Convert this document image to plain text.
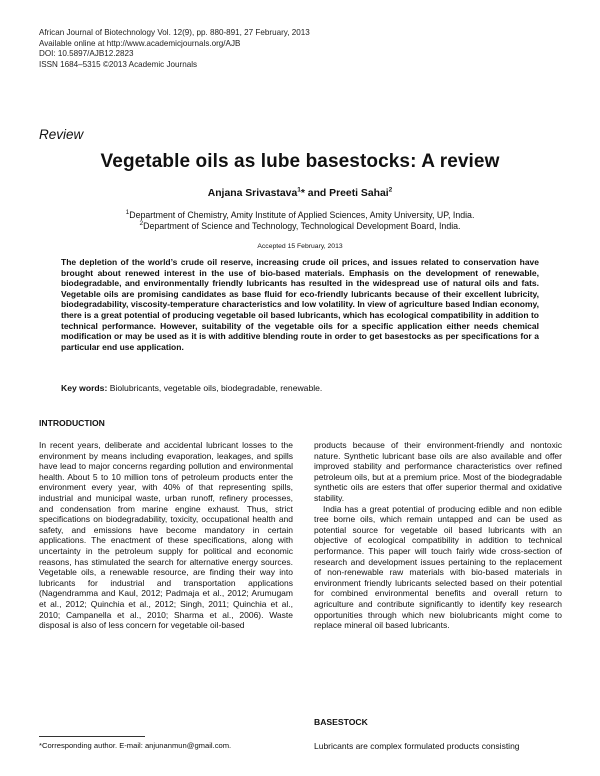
African Journal of Biotechnology Vol. 12(9), pp. 880-891, 27 February, 2013
Available online at http://www.academicjournals.org/AJB
DOI: 10.5897/AJB12.2823
ISSN 1684–5315 ©2013 Academic Journals
Review
Vegetable oils as lube basestocks: A review
Anjana Srivastava$^1$* and Preeti Sahai$^2$
$^1$Department of Chemistry, Amity Institute of Applied Sciences, Amity University, UP, India.
$^2$Department of Science and Technology, Technological Development Board, India.
Accepted 15 February, 2013
The depletion of the world’s crude oil reserve, increasing crude oil prices, and issues related to conservation have brought about renewed interest in the use of bio-based materials. Emphasis on the development of renewable, biodegradable, and environmentally friendly lubricants has resulted in the widespread use of natural oils and fats. Vegetable oils are promising candidates as base fluid for eco-friendly lubricants because of their excellent lubricity, biodegradability, viscosity-temperature characteristics and low volatility. In view of agriculture based Indian economy, there is a great potential of producing vegetable oil based lubricants, which has ecological compatibility in addition to technical performance. However, suitability of the vegetable oils for a specific application either needs chemical modification or may be used as it is with additive blending route in order to get basestocks as per specifications for a particular end use application.
Key words: Biolubricants, vegetable oils, biodegradable, renewable.
INTRODUCTION

In recent years, deliberate and accidental lubricant losses to the environment by means including evaporation, leakages, and spills have lead to major concerns regarding pollution and environmental health. About 5 to 10 million tons of petroleum products enter the environment every year, with 40% of that representing spills, industrial and municipal waste, urban runoff, refinery processes, and condensation from marine engine exhaust. Thus, strict specifications on biodegradability, toxicity, occupational health and safety, and emissions have become mandatory in certain applications. The enactment of these specifications, along with uncertainty in the petroleum supply for political and economic reasons, has stimulated the search for alternative energy sources. Vegetable oils, a renewable resource, are finding their way into lubricants for industrial and transportation applications (Nagendramma and Kaul, 2012; Padmaja et al., 2012; Arumugam et al., 2012; Quinchia et al., 2012; Singh, 2011; Quinchia et al., 2010; Campanella et al., 2010; Sharma et al., 2006). Waste disposal is also of less concern for vegetable oil-based

products because of their environment-friendly and nontoxic nature. Synthetic lubricant base oils are also available and offer improved stability and performance characteristics over refined petroleum oils, but at a premium price. Most of the biodegradable synthetic oils are esters that offer superior thermal and oxidative stability.

India has a great potential of producing edible and non edible tree borne oils, which remain untapped and can be used as potential source for vegetable oil based lubricants with an objective of ecological compatibility in addition to technical performance. This paper will touch fairly wide cross-section of research and development issues pertaining to the replacement of non-renewable raw materials with bio-based materials in environment friendly lubricants selected based on their potential for combined environmental benefits and overall return to agriculture and contribute significantly to identify key research opportunities through which new biolubricants might come to replace mineral oil based lubricants.

BASESTOCK
Lubricants are complex formulated products consisting
*Corresponding author. E-mail: anjunanmun@gmail.com.
